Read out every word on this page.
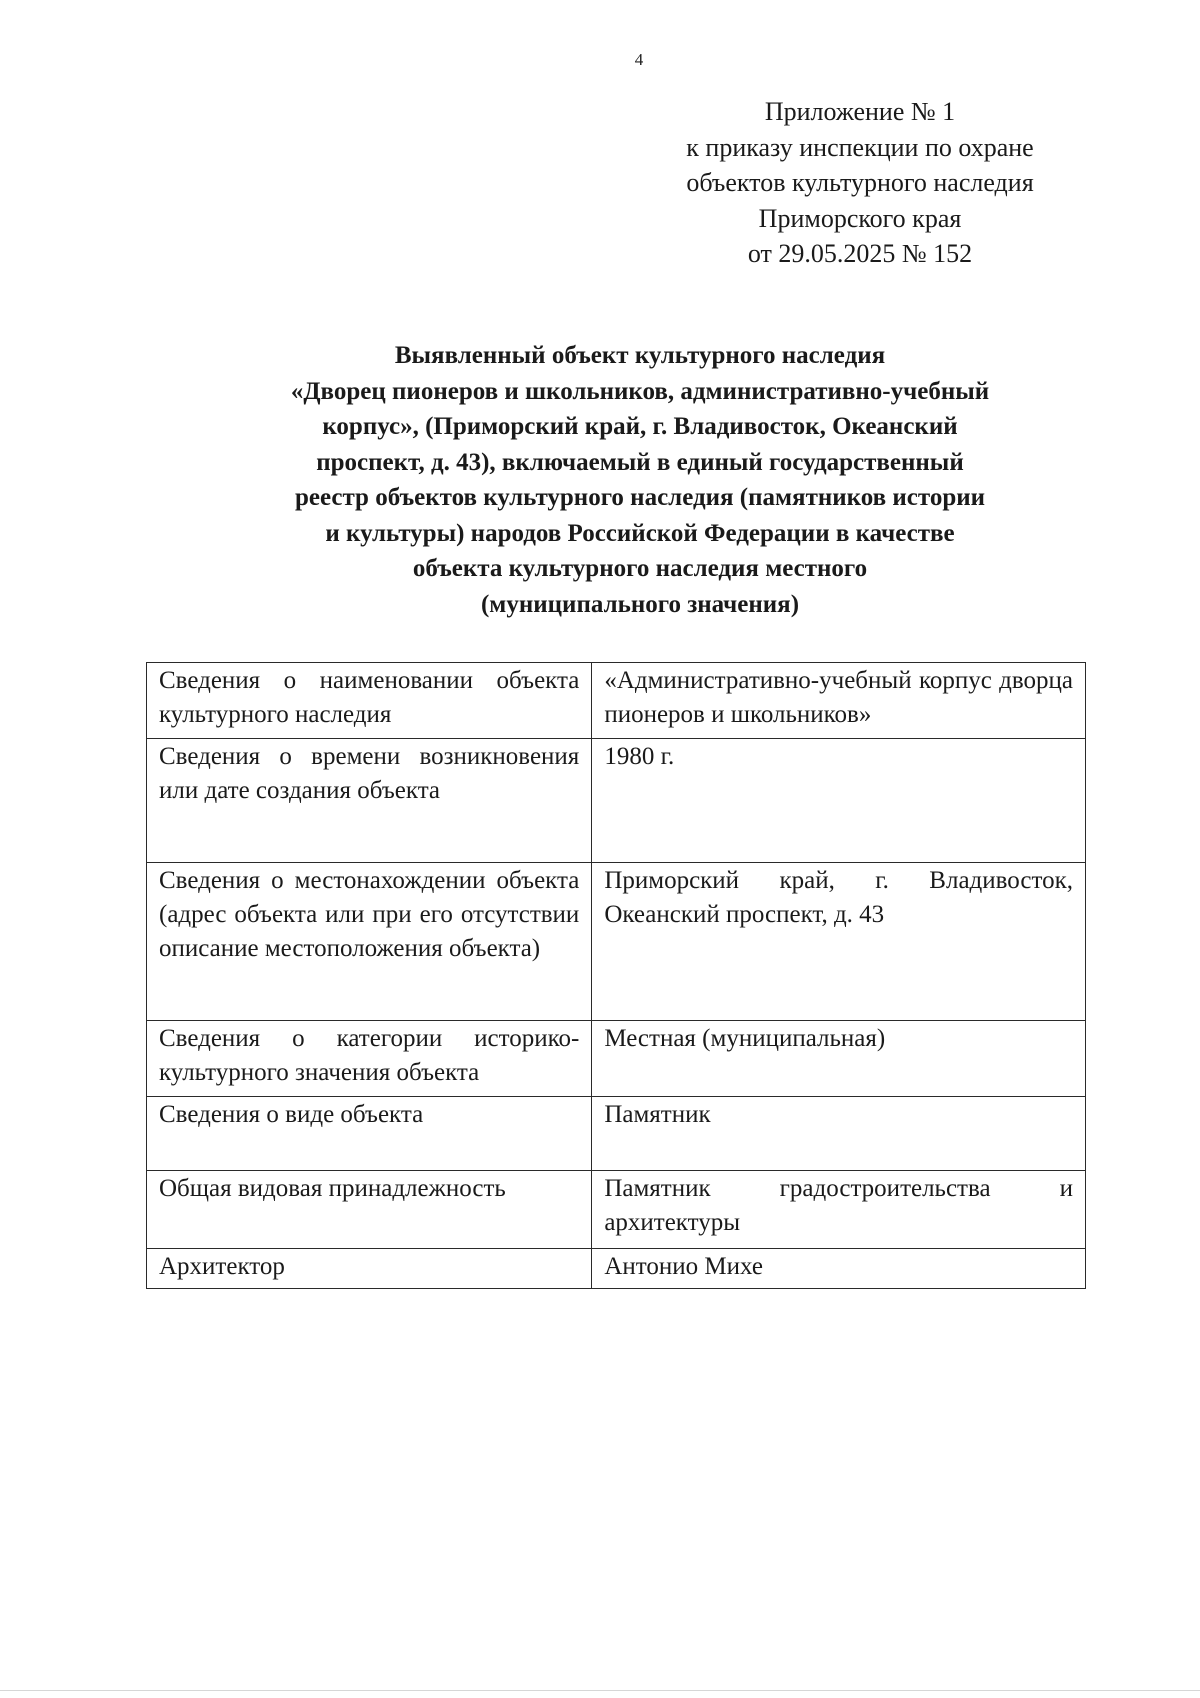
4
Приложение № 1
к приказу инспекции по охране
объектов культурного наследия
Приморского края
от 29.05.2025 № 152
Выявленный объект культурного наследия
«Дворец пионеров и школьников, административно-учебный
корпус», (Приморский край, г. Владивосток, Океанский
проспект, д. 43), включаемый в единый государственный
реестр объектов культурного наследия (памятников истории
и культуры) народов Российской Федерации в качестве
объекта культурного наследия местного
(муниципального значения)
Сведения о наименовании объекта культурного наследия	«Административно-учебный корпус дворца пионеров и школьников»
Сведения о времени возникновения или дате создания объекта	1980 г.
Сведения о местонахождении объекта (адрес объекта или при его отсутствии описание местоположения объекта)	Приморский край, г. Владивосток, Океанский проспект, д. 43
Сведения о категории историко-культурного значения объекта	Местная (муниципальная)
Сведения о виде объекта	Памятник
Общая видовая принадлежность	Памятник градостроительства и архитектуры
Архитектор	Антонио Михе
